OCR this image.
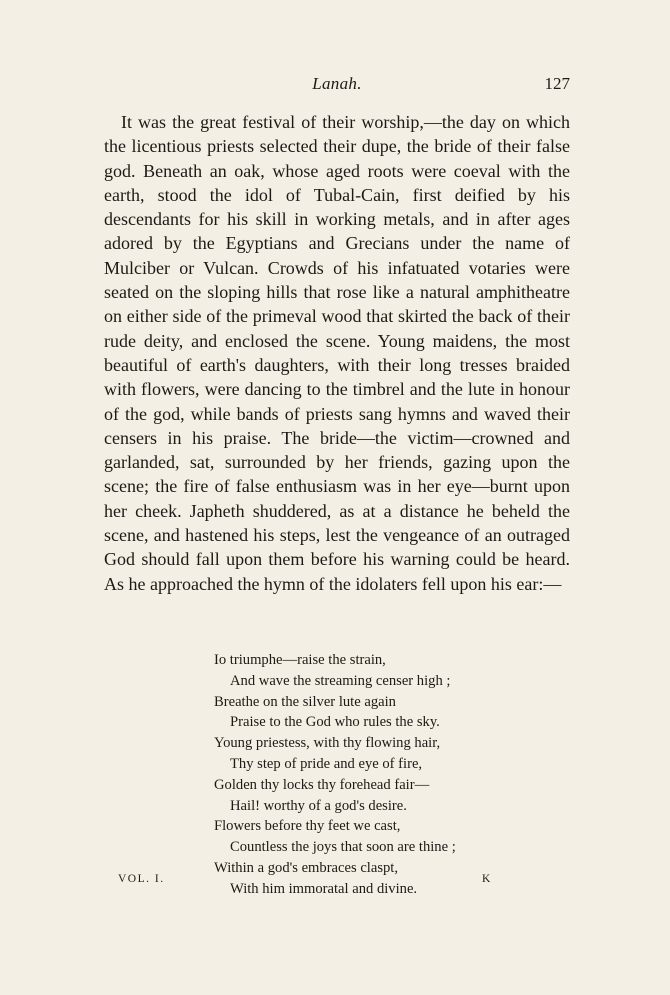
Lanah.	127

It was the great festival of their worship,—the day on which the licentious priests selected their dupe, the bride of their false god. Beneath an oak, whose aged roots were coeval with the earth, stood the idol of Tubal-Cain, first deified by his descendants for his skill in working metals, and in after ages adored by the Egyptians and Grecians under the name of Mulciber or Vulcan. Crowds of his infatuated votaries were seated on the sloping hills that rose like a natural amphitheatre on either side of the primeval wood that skirted the back of their rude deity, and enclosed the scene. Young maidens, the most beautiful of earth's daughters, with their long tresses braided with flowers, were dancing to the timbrel and the lute in honour of the god, while bands of priests sang hymns and waved their censers in his praise. The bride—the victim—crowned and garlanded, sat, surrounded by her friends, gazing upon the scene; the fire of false enthusiasm was in her eye—burnt upon her cheek. Japheth shuddered, as at a distance he beheld the scene, and hastened his steps, lest the vengeance of an outraged God should fall upon them before his warning could be heard. As he approached the hymn of the idolaters fell upon his ear:—

Io triumphe—raise the strain,
And wave the streaming censer high ;
Breathe on the silver lute again
Praise to the God who rules the sky.
Young priestess, with thy flowing hair,
Thy step of pride and eye of fire,
Golden thy locks thy forehead fair—
Hail! worthy of a god's desire.
Flowers before thy feet we cast,
Countless the joys that soon are thine ;
Within a god's embraces claspt,
With him immoratal and divine.
VOL. I.	K
